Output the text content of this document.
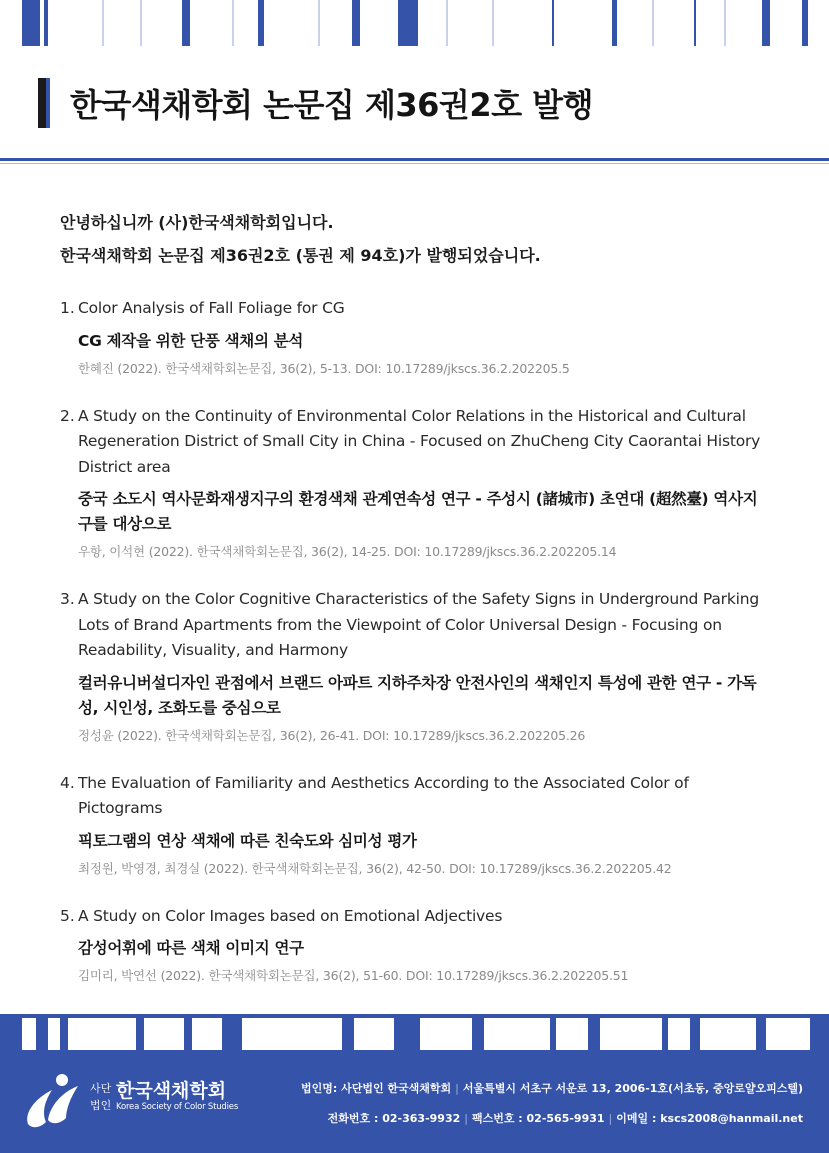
한국색채학회 논문집 제36권2호 발행

안녕하십니까 (사)한국색채학회입니다.

한국색채학회 논문집 제36권2호 (통권 제 94호)가 발행되었습니다.

1. Color Analysis of Fall Foliage for CG
CG 제작을 위한 단풍 색채의 분석
한혜진 (2022). 한국색채학회논문집, 36(2), 5-13. DOI: 10.17289/jkscs.36.2.202205.5
2. A Study on the Continuity of Environmental Color Relations in the Historical and Cultural Regeneration District of Small City in China - Focused on ZhuCheng City Caorantai History District area
중국 소도시 역사문화재생지구의 환경색채 관계연속성 연구 - 주성시 (諸城市) 초연대 (超然臺) 역사지구를 대상으로
우항, 이석현 (2022). 한국색채학회논문집, 36(2), 14-25. DOI: 10.17289/jkscs.36.2.202205.14
3. A Study on the Color Cognitive Characteristics of the Safety Signs in Underground Parking Lots of Brand Apartments from the Viewpoint of Color Universal Design - Focusing on Readability, Visuality, and Harmony
컬러유니버설디자인 관점에서 브랜드 아파트 지하주차장 안전사인의 색채인지 특성에 관한 연구 - 가독성, 시인성, 조화도를 중심으로
정성윤 (2022). 한국색채학회논문집, 36(2), 26-41. DOI: 10.17289/jkscs.36.2.202205.26
4. The Evaluation of Familiarity and Aesthetics According to the Associated Color of Pictograms
픽토그램의 연상 색채에 따른 친숙도와 심미성 평가
최정원, 박영경, 최경실 (2022). 한국색채학회논문집, 36(2), 42-50. DOI: 10.17289/jkscs.36.2.202205.42
5. A Study on Color Images based on Emotional Adjectives
감성어휘에 따른 색채 이미지 연구
김미리, 박연선 (2022). 한국색채학회논문집, 36(2), 51-60. DOI: 10.17289/jkscs.36.2.202205.51
사단
법인
한국색채학회
Korea Society of Color Studies
법인명: 사단법인 한국색채학회 | 서울특별시 서초구 서운로 13, 2006-1호(서초동, 중앙로얄오피스텔)
전화번호 : 02-363-9932 | 팩스번호 : 02-565-9931 | 이메일 : kscs2008@hanmail.net
